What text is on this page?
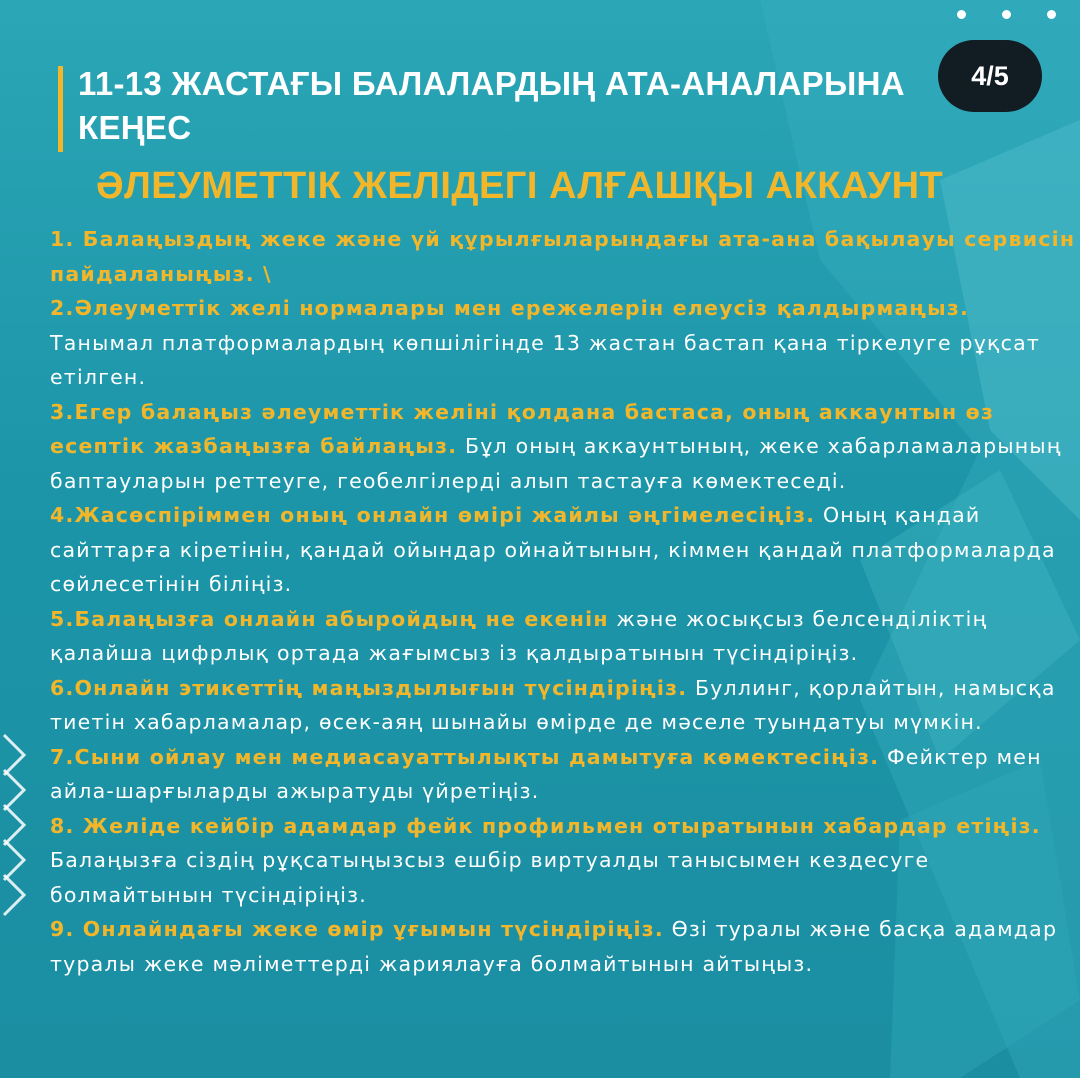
11-13 ЖАСТАҒЫ БАЛАЛАРДЫҢ АТА-АНАЛАРЫНА КЕҢЕС
ӘЛЕУМЕТТІК ЖЕЛІДЕГІ АЛҒАШҚЫ АККАУНТ
4/5

1. Балаңыздың жеке және үй құрылғыларындағы ата-ана бақылауы сервисін пайдаланыңыз. \

2.Әлеуметтік желі нормалары мен ережелерін елеусіз қалдырмаңыз. Танымал платформалардың көпшілігінде 13 жастан бастап қана тіркелуге рұқсат етілген.

3.Егер балаңыз әлеуметтік желіні қолдана бастаса, оның аккаунтын өз есептік жазбаңызға байлаңыз. Бұл оның аккаунтының, жеке хабарламаларының баптауларын реттеуге, геобелгілерді алып тастауға көмектеседі.

4.Жасөспіріммен оның онлайн өмірі жайлы әңгімелесіңіз. Оның қандай сайттарға кіретінін, қандай ойындар ойнайтынын, кіммен қандай платформаларда сөйлесетінін біліңіз.

5.Балаңызға онлайн абыройдың не екенін және жосықсыз белсенділіктің қалайша цифрлық ортада жағымсыз із қалдыратынын түсіндіріңіз.

6.Онлайн этикеттің маңыздылығын түсіндіріңіз. Буллинг, қорлайтын, намысқа тиетін хабарламалар, өсек-аяң шынайы өмірде де мәселе туындатуы мүмкін.

7.Сыни ойлау мен медиасауаттылықты дамытуға көмектесіңіз. Фейктер мен айла-шарғыларды ажыратуды үйретіңіз.

8. Желіде кейбір адамдар фейк профильмен отыратынын хабардар етіңіз. Балаңызға сіздің рұқсатыңызсыз ешбір виртуалды танысымен кездесуге болмайтынын түсіндіріңіз.

9. Онлайндағы жеке өмір ұғымын түсіндіріңіз. Өзі туралы және басқа адамдар туралы жеке мәліметтерді жариялауға болмайтынын айтыңыз.
